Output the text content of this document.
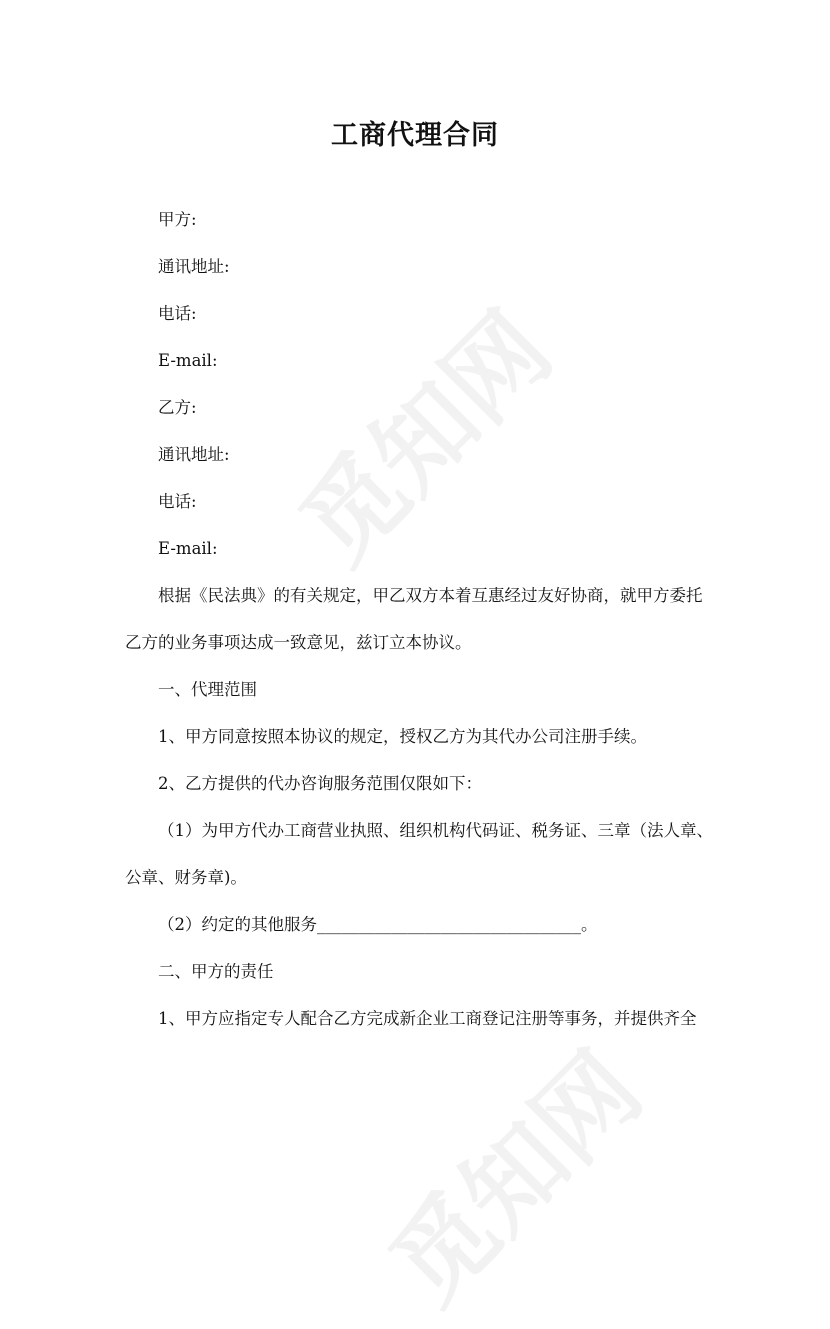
觅知网
觅知网
工商代理合同
甲方:
通讯地址:
电话:
E-mail:
乙方:
通讯地址:
电话:
E-mail:
根据《民法典》的有关规定，甲乙双方本着互惠经过友好协商，就甲方委托
乙方的业务事项达成一致意见，兹订立本协议。
一、代理范围
1、甲方同意按照本协议的规定，授权乙方为其代办公司注册手续。
2、乙方提供的代办咨询服务范围仅限如下：
（1）为甲方代办工商营业执照、组织机构代码证、税务证、三章（法人章、
公章、财务章)。
（2）约定的其他服务________________________________。
二、甲方的责任
1、甲方应指定专人配合乙方完成新企业工商登记注册等事务，并提供齐全
